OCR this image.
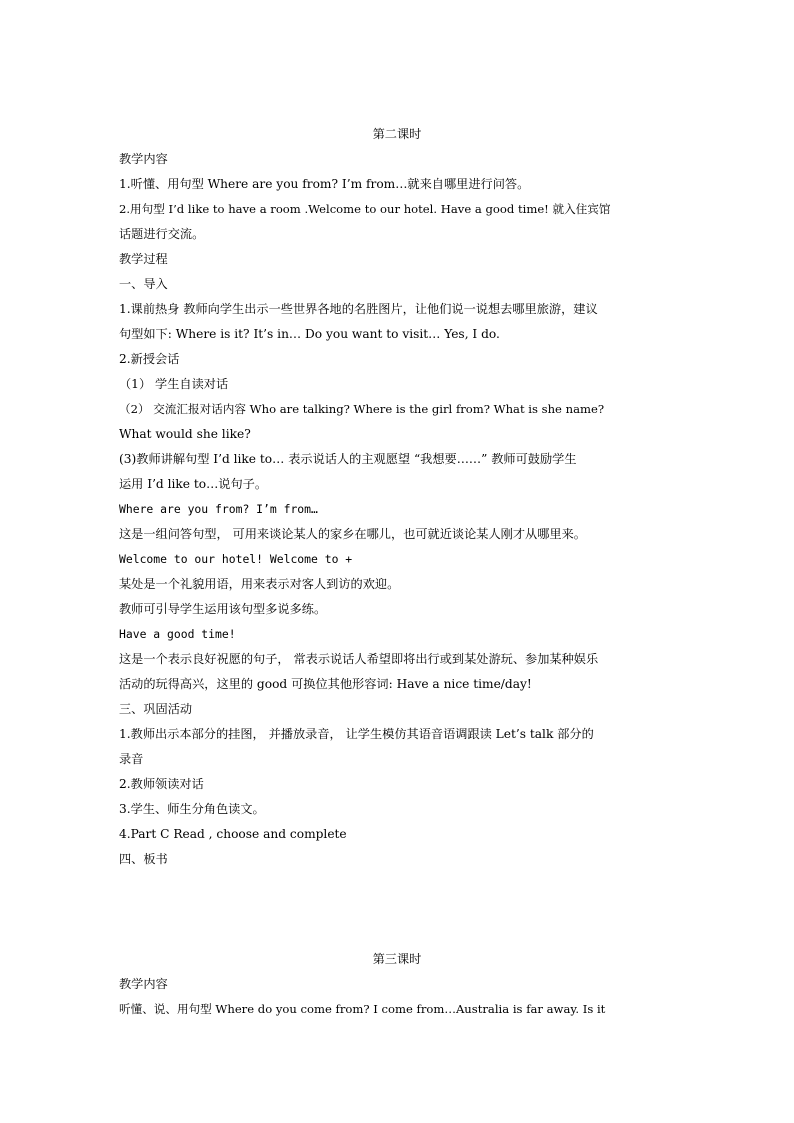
第二课时
教学内容
1.听懂、用句型 Where are you from? I’m from…就来自哪里进行问答。
2.用句型 I’d like to have a room .Welcome to our hotel. Have a good time! 就入住宾馆
话题进行交流。
教学过程
一、导入
1.课前热身 教师向学生出示一些世界各地的名胜图片，让他们说一说想去哪里旅游，建议
句型如下: Where is it? It’s in… Do you want to visit… Yes, I do.
2.新授会话
（1） 学生自读对话
（2） 交流汇报对话内容 Who are talking? Where is the girl from? What is she name?
What would she like?
(3)教师讲解句型 I’d like to… 表示说话人的主观愿望 “我想要……” 教师可鼓励学生
运用 I’d like to…说句子。
Where are you from? I’m from…
这是一组问答句型， 可用来谈论某人的家乡在哪儿，也可就近谈论某人刚才从哪里来。
Welcome to our hotel! Welcome to +
某处是一个礼貌用语，用来表示对客人到访的欢迎。
教师可引导学生运用该句型多说多练。
Have a good time!
这是一个表示良好祝愿的句子， 常表示说话人希望即将出行或到某处游玩、参加某种娱乐
活动的玩得高兴，这里的 good 可换位其他形容词: Have a nice time/day!
三、巩固活动
1.教师出示本部分的挂图， 并播放录音， 让学生模仿其语音语调跟读 Let’s talk 部分的
录音
2.教师领读对话
3.学生、师生分角色读文。
4.Part C Read , choose and complete
四、板书
第三课时
教学内容
听懂、说、用句型 Where do you come from? I come from…Australia is far away. Is it
